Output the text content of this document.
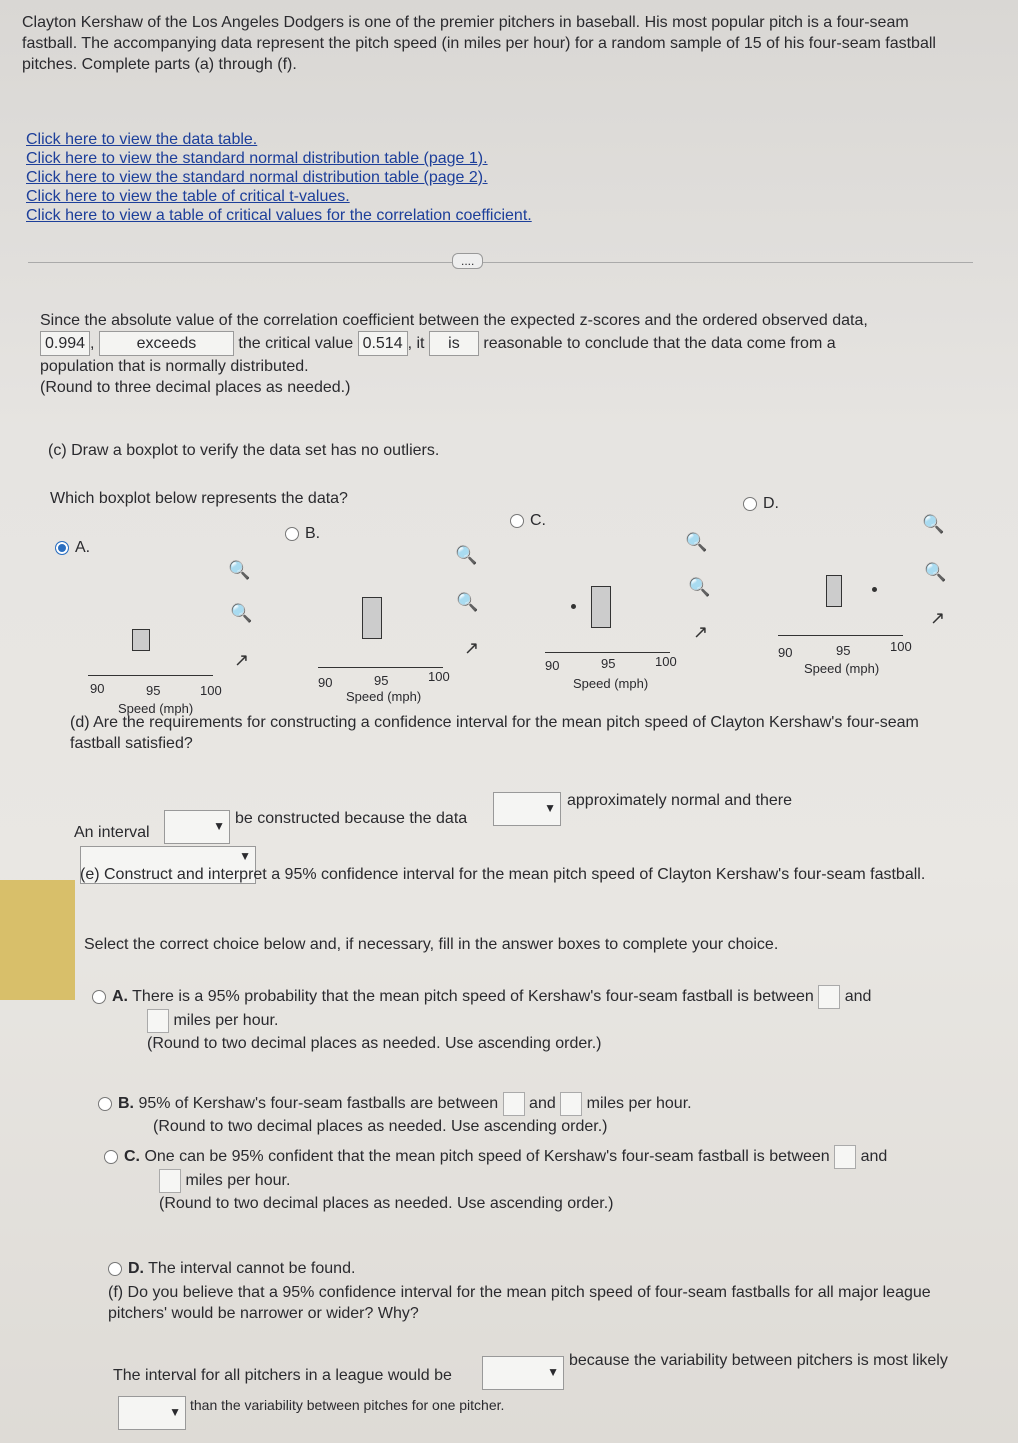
Clayton Kershaw of the Los Angeles Dodgers is one of the premier pitchers in baseball. His most popular pitch is a four-seam fastball. The accompanying data represent the pitch speed (in miles per hour) for a random sample of 15 of his four-seam fastball pitches. Complete parts (a) through (f).
Click here to view the data table.
Click here to view the standard normal distribution table (page 1).
Click here to view the standard normal distribution table (page 2).
Click here to view the table of critical t-values.
Click here to view a table of critical values for the correlation coefficient.
....
Since the absolute value of the correlation coefficient between the expected z-scores and the ordered observed data,
0.994 , exceeds	the critical value 0.514 , it is reasonable to conclude that the data come from a
population that is normally distributed.
(Round to three decimal places as needed.)
(c) Draw a boxplot to verify the data set has no outliers.
Which boxplot below represents the data?
A.
B.
C.
D.
90	95	100
Speed (mph)
90	95	100
Speed (mph)
90	95	100
Speed (mph)
90	95	100
Speed (mph)
🔍
🔍
↗
🔍
🔍
↗
🔍
🔍
↗
🔍
🔍
↗
(d) Are the requirements for constructing a confidence interval for the mean pitch speed of Clayton Kershaw's four-seam fastball satisfied?
An interval	▼ be constructed because the data
▼ approximately normal and there
▼
(e) Construct and interpret a 95% confidence interval for the mean pitch speed of Clayton Kershaw's four-seam fastball.
Select the correct choice below and, if necessary, fill in the answer boxes to complete your choice.
A. There is a 95% probability that the mean pitch speed of Kershaw's four-seam fastball is between and
miles per hour.
(Round to two decimal places as needed. Use ascending order.)
B. 95% of Kershaw's four-seam fastballs are between and miles per hour.
(Round to two decimal places as needed. Use ascending order.)
C. One can be 95% confident that the mean pitch speed of Kershaw's four-seam fastball is between and
miles per hour.
(Round to two decimal places as needed. Use ascending order.)
D. The interval cannot be found.
(f) Do you believe that a 95% confidence interval for the mean pitch speed of four-seam fastballs for all major league pitchers' would be narrower or wider? Why?
The interval for all pitchers in a league would be	▼
because the variability between pitchers is most likely
▼ than the variability between pitches for one pitcher.
